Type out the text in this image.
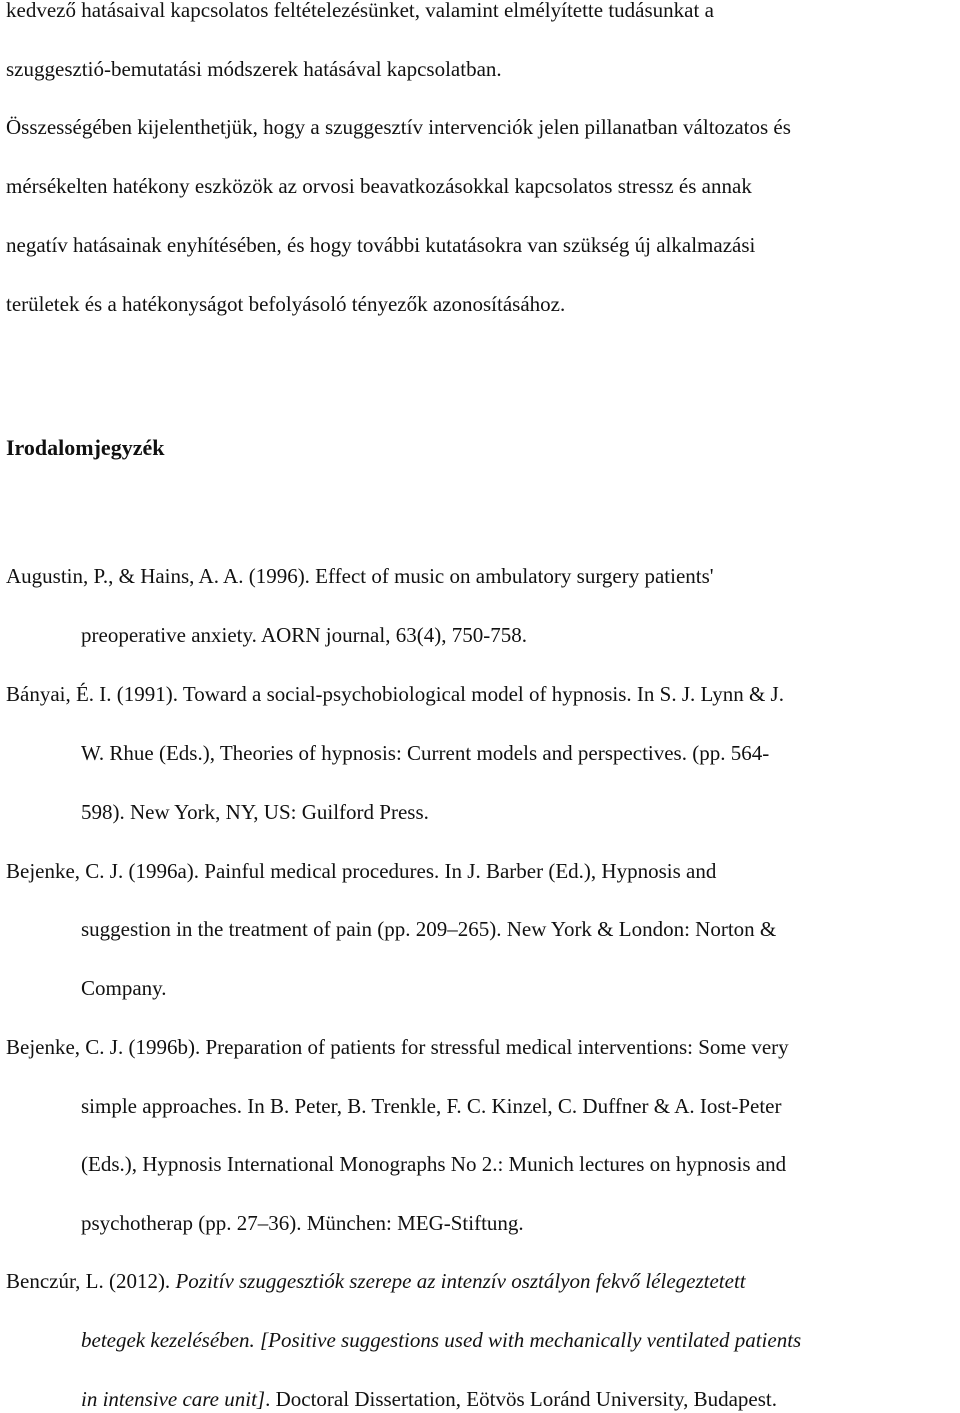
kedvező hatásaival kapcsolatos feltételezésünket, valamint elmélyítette tudásunkat a
szuggesztió-bemutatási módszerek hatásával kapcsolatban.
Összességében kijelenthetjük, hogy a szuggesztív intervenciók jelen pillanatban változatos és
mérsékelten hatékony eszközök az orvosi beavatkozásokkal kapcsolatos stressz és annak
negatív hatásainak enyhítésében, és hogy további kutatásokra van szükség új alkalmazási
területek és a hatékonyságot befolyásoló tényezők azonosításához.
Irodalomjegyzék
Augustin, P., & Hains, A. A. (1996). Effect of music on ambulatory surgery patients'
preoperative anxiety. AORN journal, 63(4), 750-758.
Bányai, É. I. (1991). Toward a social-psychobiological model of hypnosis. In S. J. Lynn & J.
W. Rhue (Eds.), Theories of hypnosis: Current models and perspectives. (pp. 564-
598). New York, NY, US: Guilford Press.
Bejenke, C. J. (1996a). Painful medical procedures. In J. Barber (Ed.), Hypnosis and
suggestion in the treatment of pain (pp. 209–265). New York & London: Norton &
Company.
Bejenke, C. J. (1996b). Preparation of patients for stressful medical interventions: Some very
simple approaches. In B. Peter, B. Trenkle, F. C. Kinzel, C. Duffner & A. Iost-Peter
(Eds.), Hypnosis International Monographs No 2.: Munich lectures on hypnosis and
psychotherap (pp. 27–36). München: MEG-Stiftung.
Benczúr, L. (2012). Pozitív szuggesztiók szerepe az intenzív osztályon fekvő lélegeztetett
betegek kezelésében. [Positive suggestions used with mechanically ventilated patients
in intensive care unit]. Doctoral Dissertation, Eötvös Loránd University, Budapest.
